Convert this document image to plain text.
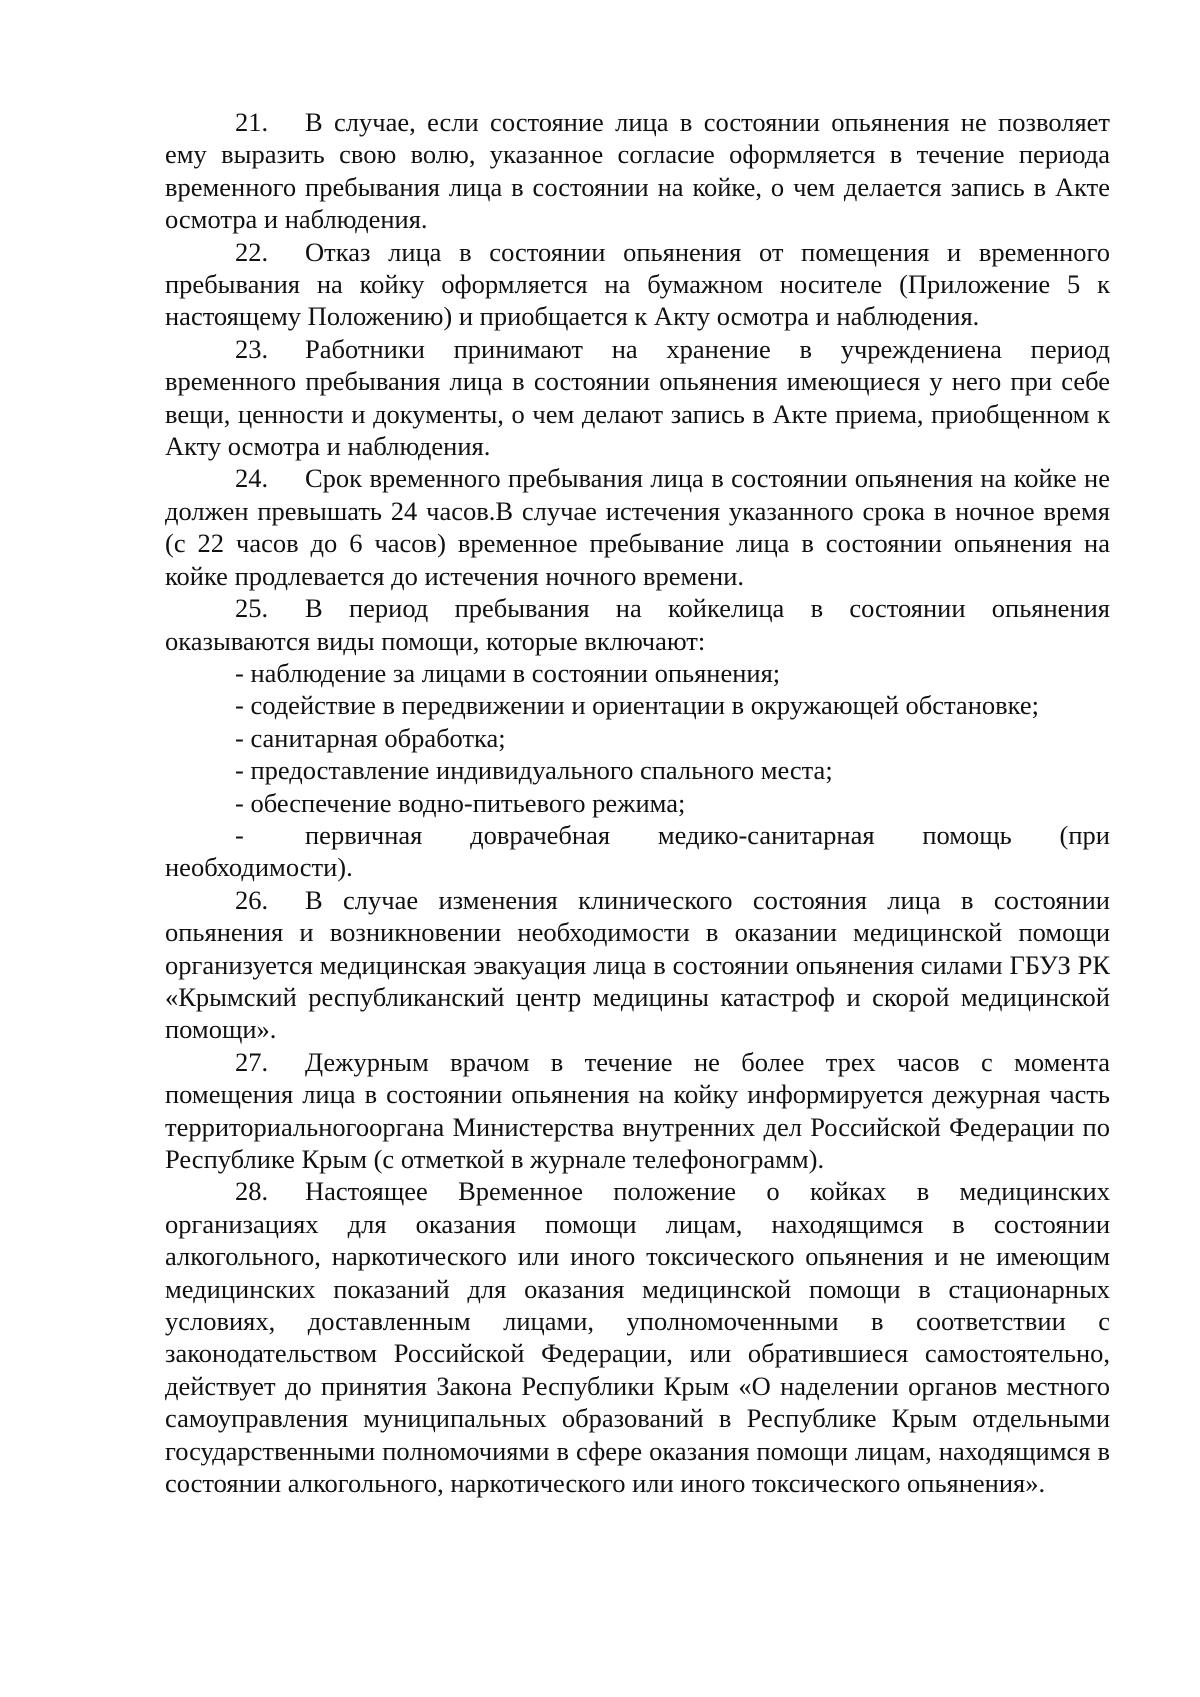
21. В случае, если состояние лица в состоянии опьянения не позволяет ему выразить свою волю, указанное согласие оформляется в течение периода временного пребывания лица в состоянии на койке, о чем делается запись в Акте осмотра и наблюдения.

22. Отказ лица в состоянии опьянения от помещения и временного пребывания на койку оформляется на бумажном носителе (Приложение 5 к настоящему Положению) и приобщается к Акту осмотра и наблюдения.

23. Работники принимают на хранение в учреждениена период временного пребывания лица в состоянии опьянения имеющиеся у него при себе вещи, ценности и документы, о чем делают запись в Акте приема, приобщенном к Акту осмотра и наблюдения.

24. Срок временного пребывания лица в состоянии опьянения на койке не должен превышать 24 часов.В случае истечения указанного срока в ночное время (с 22 часов до 6 часов) временное пребывание лица в состоянии опьянения на койке продлевается до истечения ночного времени.

25. В период пребывания на койкелица в состоянии опьянения оказываются виды помощи, которые включают:

- наблюдение за лицами в состоянии опьянения;

- содействие в передвижении и ориентации в окружающей обстановке;

- санитарная обработка;

- предоставление индивидуального спального места;

- обеспечение водно-питьевого режима;

- первичная доврачебная медико-санитарная помощь (при необходимости).

26. В случае изменения клинического состояния лица в состоянии опьянения и возникновении необходимости в оказании медицинской помощи организуется медицинская эвакуация лица в состоянии опьянения силами ГБУЗ РК «Крымский республиканский центр медицины катастроф и скорой медицинской помощи».

27. Дежурным врачом в течение не более трех часов с момента помещения лица в состоянии опьянения на койку информируется дежурная часть территориальногооргана Министерства внутренних дел Российской Федерации по Республике Крым (с отметкой в журнале телефонограмм).

28. Настоящее Временное положение о койках в медицинских организациях для оказания помощи лицам, находящимся в состоянии алкогольного, наркотического или иного токсического опьянения и не имеющим медицинских показаний для оказания медицинской помощи в стационарных условиях, доставленным лицами, уполномоченными в соответствии с законодательством Российской Федерации, или обратившиеся самостоятельно, действует до принятия Закона Республики Крым «О наделении органов местного самоуправления муниципальных образований в Республике Крым отдельными государственными полномочиями в сфере оказания помощи лицам, находящимся в состоянии алкогольного, наркотического или иного токсического опьянения».
